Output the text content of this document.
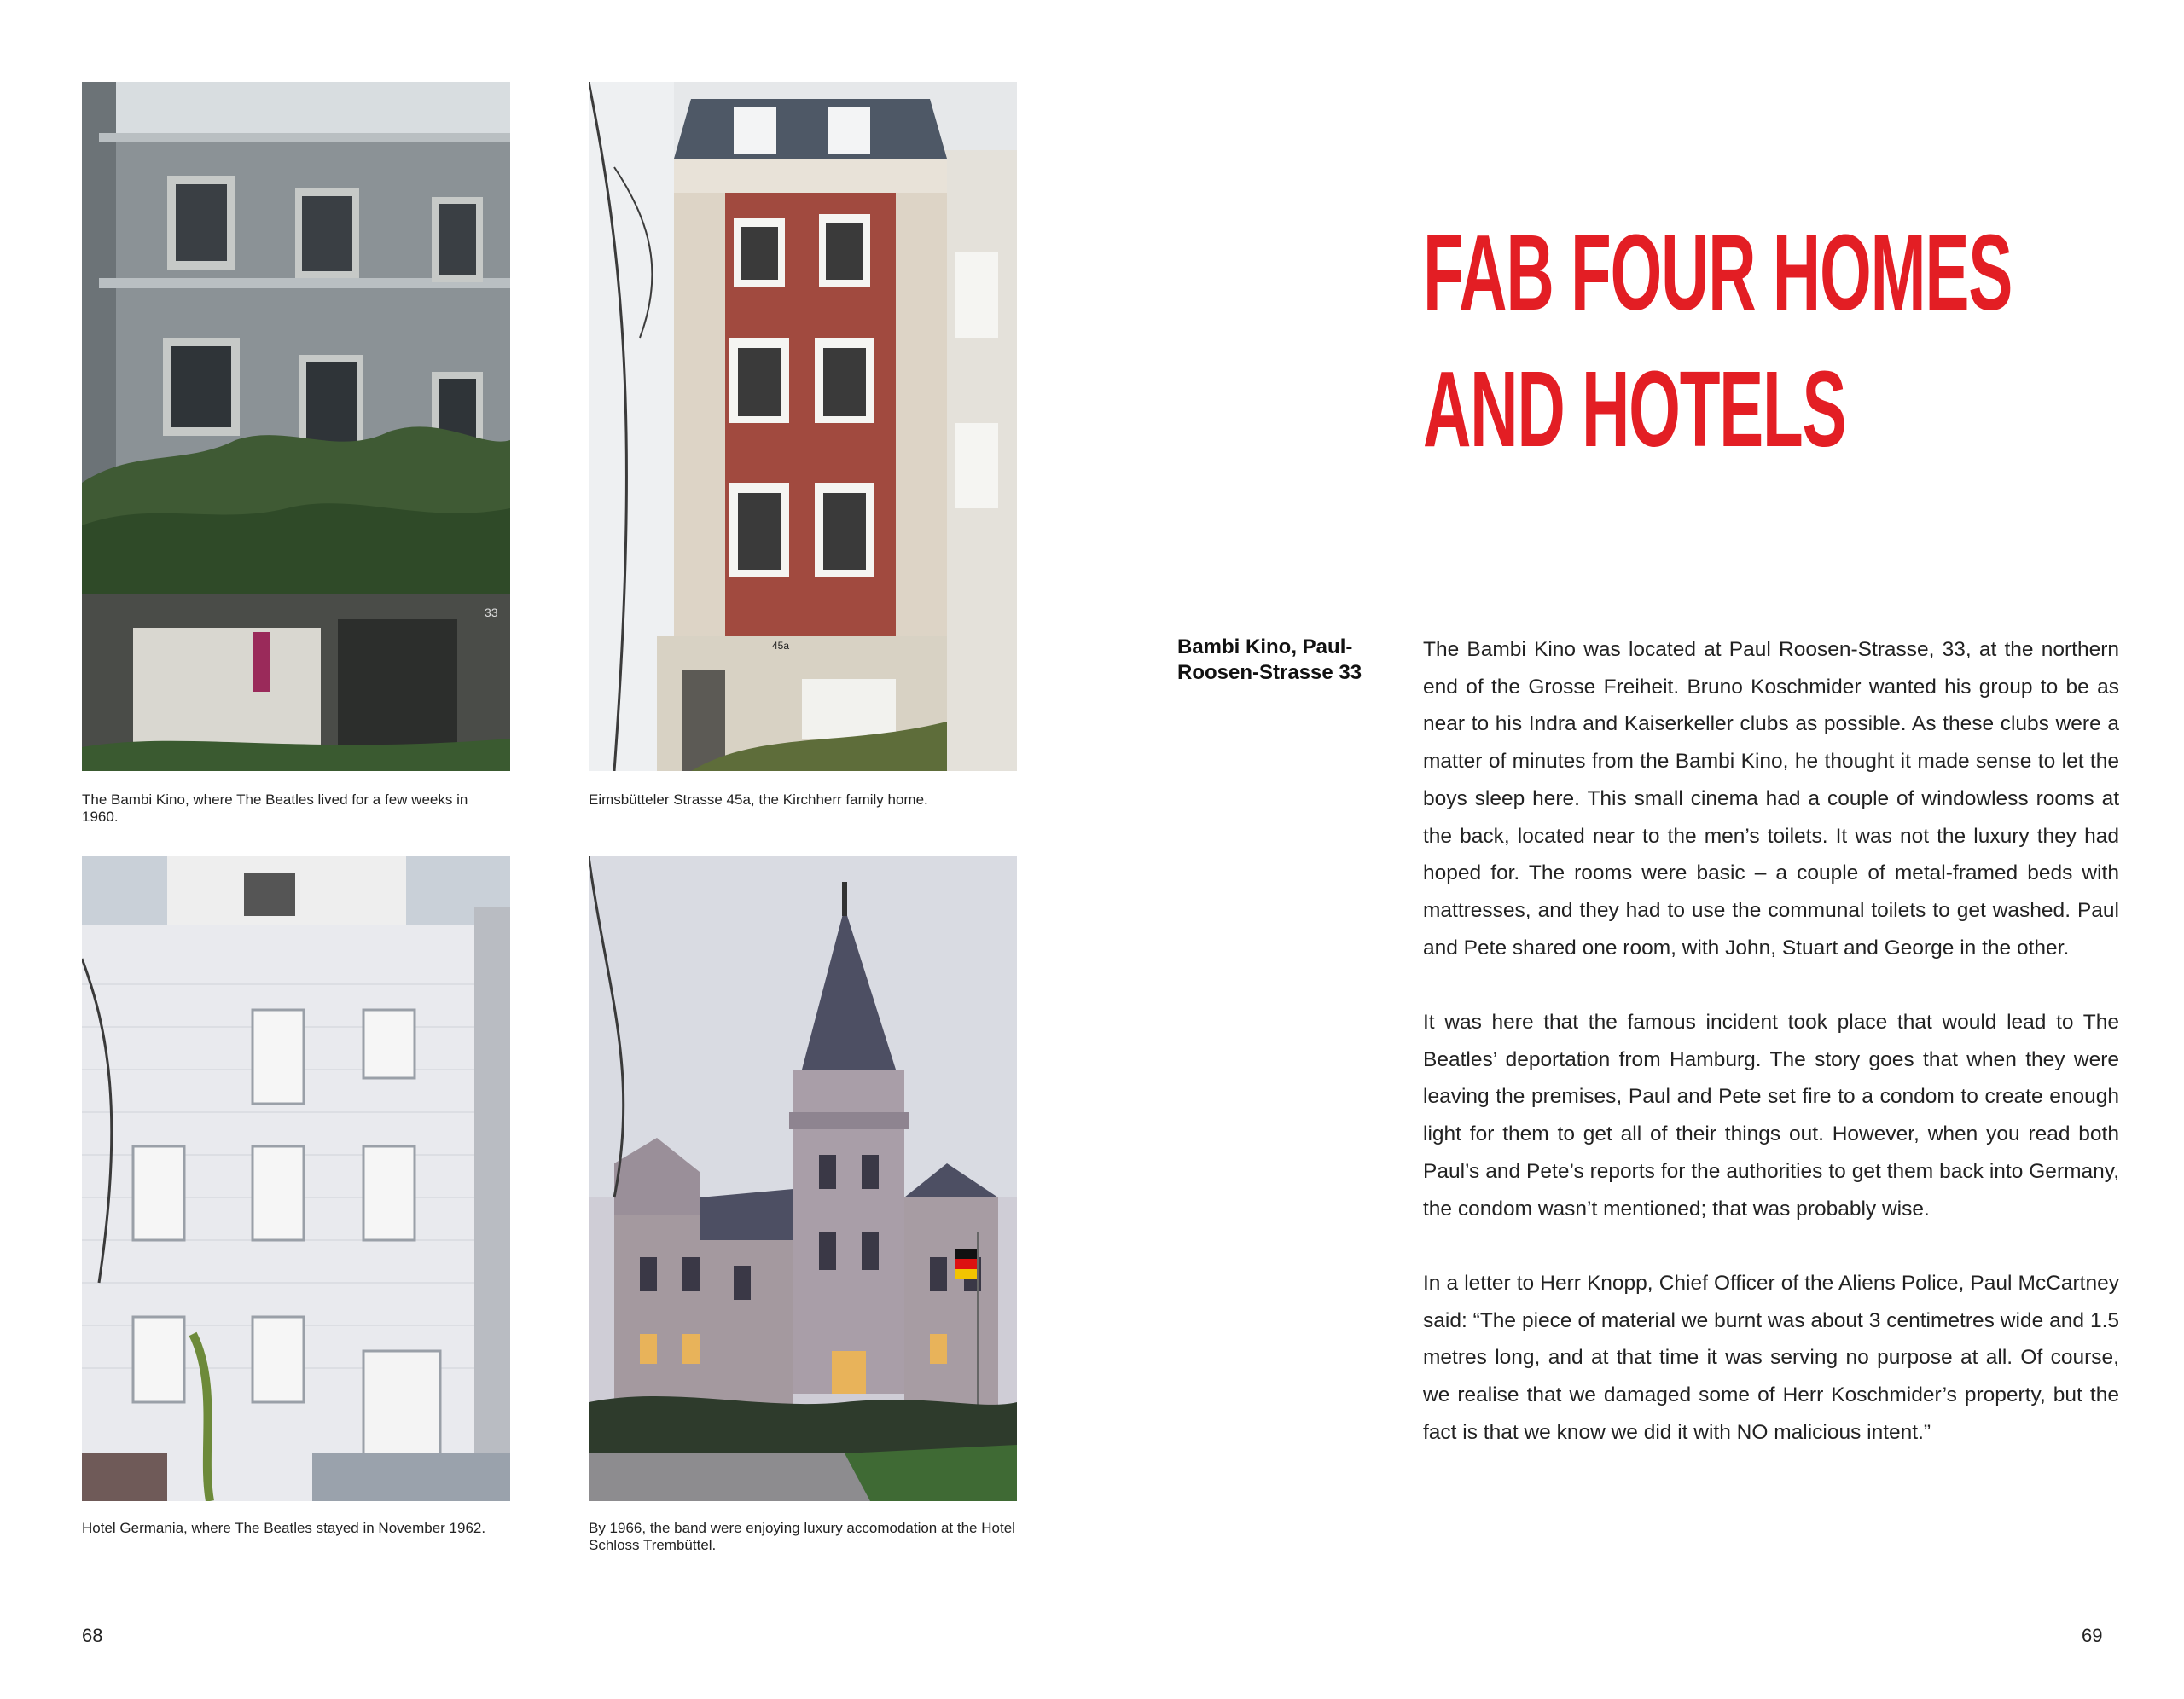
33
The Bambi Kino, where The Beatles lived for a few weeks in 1960.
45a
Eimsbütteler Strasse 45a, the Kirchherr family home.
Hotel Germania, where The Beatles stayed in November 1962.	By 1966, the band were enjoying luxury accomodation at the Hotel Schloss Trembüttel.
68
FAB FOUR HOMES
AND HOTELS
Bambi Kino, Paul-Roosen-Strasse 33

The Bambi Kino was located at Paul Roosen-Strasse, 33, at the northern end of the Grosse Freiheit. Bruno Koschmider wanted his group to be as near to his Indra and Kaiserkeller clubs as possible. As these clubs were a matter of minutes from the Bambi Kino, he thought it made sense to let the boys sleep here. This small cinema had a couple of windowless rooms at the back, located near to the men’s toilets. It was not the luxury they had hoped for. The rooms were basic – a couple of metal-framed beds with mattresses, and they had to use the communal toilets to get washed. Paul and Pete shared one room, with John, Stuart and George in the other.

It was here that the famous incident took place that would lead to The Beatles’ deportation from Hamburg. The story goes that when they were leaving the premises, Paul and Pete set fire to a condom to create enough light for them to get all of their things out. However, when you read both Paul’s and Pete’s reports for the authorities to get them back into Germany, the condom wasn’t mentioned; that was probably wise.

In a letter to Herr Knopp, Chief Officer of the Aliens Police, Paul McCartney said: “The piece of material we burnt was about 3 centimetres wide and 1.5 metres long, and at that time it was serving no purpose at all. Of course, we realise that we damaged some of Herr Koschmider’s property, but the fact is that we know we did it with NO malicious intent.”

69
